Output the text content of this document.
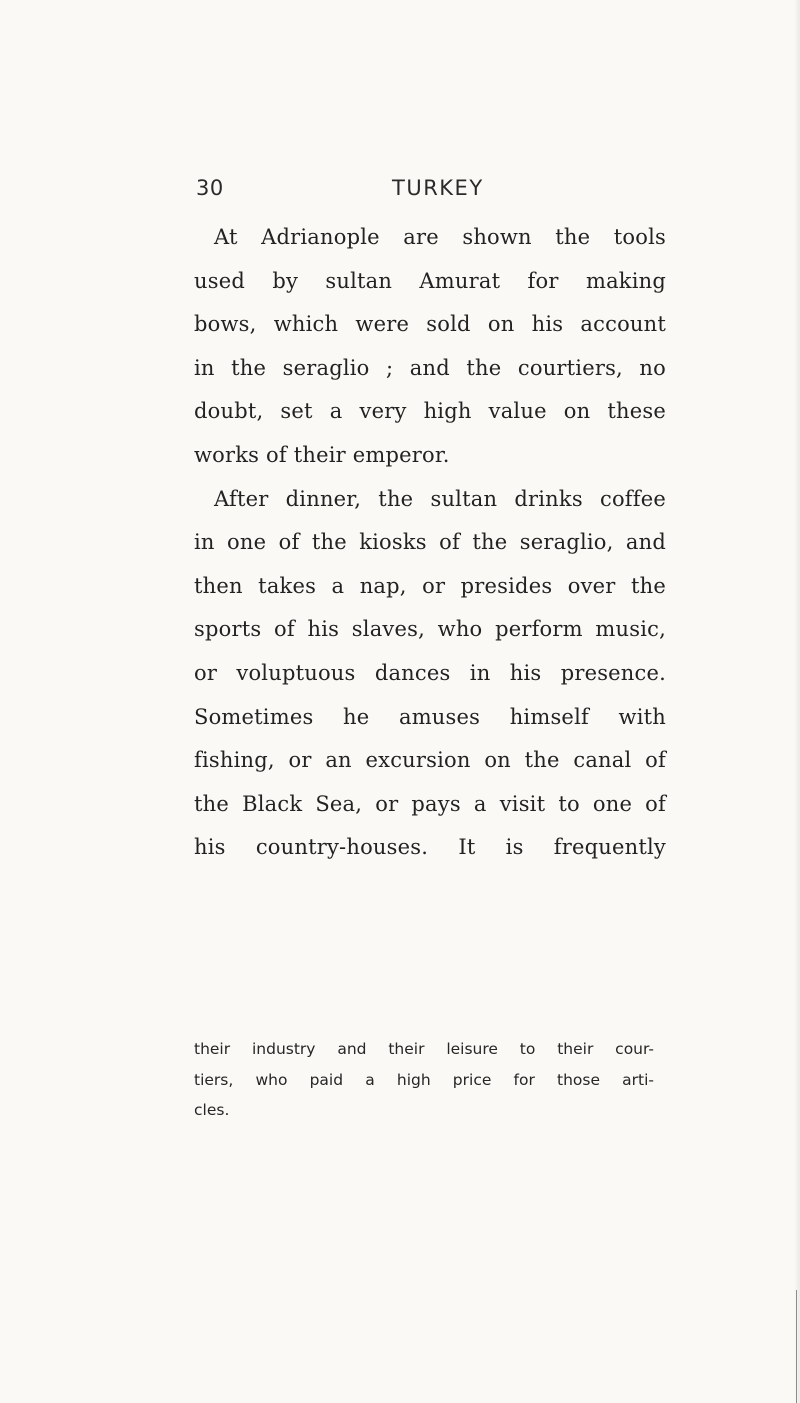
30	TURKEY
At Adrianople are shown the tools
used by sultan Amurat for making
bows, which were sold on his account
in the seraglio ; and the courtiers, no
doubt, set a very high value on these
works of their emperor.
After dinner, the sultan drinks coffee
in one of the kiosks of the seraglio, and
then takes a nap, or presides over the
sports of his slaves, who perform music,
or voluptuous dances in his presence.
Sometimes he amuses himself with
fishing, or an excursion on the canal of
the Black Sea, or pays a visit to one of
his country-houses. It is frequently
their industry and their leisure to their cour-
tiers, who paid a high price for those arti-
cles.
